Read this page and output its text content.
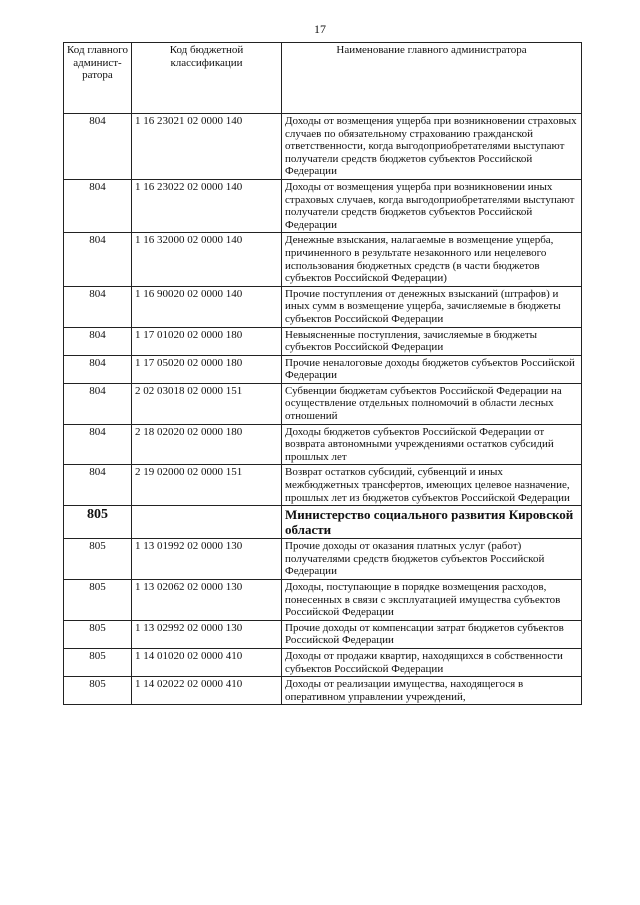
17
Код главного админист-ратора	Код бюджетной классификации	Наименование главного администратора
804	1 16 23021 02 0000 140	Доходы от возмещения ущерба при возникновении страховых случаев по обязательному страхованию гражданской ответственности, когда выгодоприобретателями выступают получатели средств бюджетов субъектов Российской Федерации
804	1 16 23022 02 0000 140	Доходы от возмещения ущерба при возникновении иных страховых случаев, когда выгодоприобретателями выступают получатели средств бюджетов субъектов Российской Федерации
804	1 16 32000 02 0000 140	Денежные взыскания, налагаемые в возмещение ущерба, причиненного в результате незаконного или нецелевого использования бюджетных средств (в части бюджетов субъектов Российской Федерации)
804	1 16 90020 02 0000 140	Прочие поступления от денежных взысканий (штрафов) и иных сумм в возмещение ущерба, зачисляемые в бюджеты субъектов Российской Федерации
804	1 17 01020 02 0000 180	Невыясненные поступления, зачисляемые в бюджеты субъектов Российской Федерации
804	1 17 05020 02 0000 180	Прочие неналоговые доходы бюджетов субъектов Российской Федерации
804	2 02 03018 02 0000 151	Субвенции бюджетам субъектов Российской Федерации на осуществление отдельных полномочий в области лесных отношений
804	2 18 02020 02 0000 180	Доходы бюджетов субъектов Российской Федерации от возврата автономными учреждениями остатков субсидий прошлых лет
804	2 19 02000 02 0000 151	Возврат остатков субсидий, субвенций и иных межбюджетных трансфертов, имеющих целевое назначение, прошлых лет из бюджетов субъектов Российской Федерации
805		Министерство социального развития Кировской области
805	1 13 01992 02 0000 130	Прочие доходы от оказания платных услуг (работ) получателями средств бюджетов субъектов Российской Федерации
805	1 13 02062 02 0000 130	Доходы, поступающие в порядке возмещения расходов, понесенных в связи с эксплуатацией имущества субъектов Российской Федерации
805	1 13 02992 02 0000 130	Прочие доходы от компенсации затрат бюджетов субъектов Российской Федерации
805	1 14 01020 02 0000 410	Доходы от продажи квартир, находящихся в собственности субъектов Российской Федерации
805	1 14 02022 02 0000 410	Доходы от реализации имущества, находящегося в оперативном управлении учреждений,
